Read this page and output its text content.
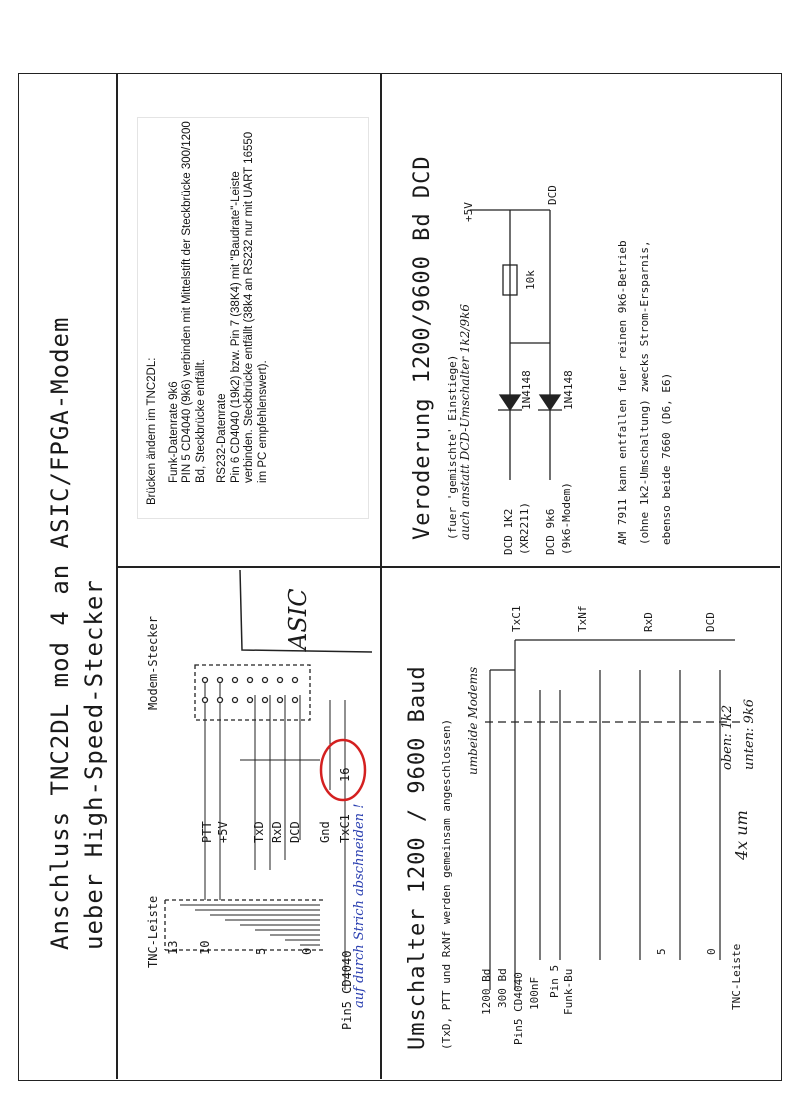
Anschluss TNC2DL mod 4 an ASIC/FPGA-Modem ueber High-Speed-Stecker	TNC-Leiste
Modem-Stecker
13 10	5	0
PTT +5V TxD RxD DCD Gnd TxC1
16
Pin5 CD4040
ASIC
auf durch Strich abschneiden !
Brücken ändern im TNC2DL: Funk-Datenrate 9k6 PIN 5 CD4040 (9k6) verbinden mit Mittelstift der Steckbrücke 300/1200 Bd, Steckbrücke entfällt. RS232-Datenrate Pin 6 CD4040 (19k2) bzw. Pin 7 (38K4) mit "Baudrate"-Leiste verbinden. Steckbrücke entfällt (38k4 an RS232 nur mit UART 16550 im PC empfehlenswert).
Umschalter 1200 / 9600 Baud (TxD, PTT und RxNf werden gemeinsam angeschlossen) umbeide Modems
1200 Bd 300 Bd Pin5 CD4040 100nF Pin 5 Funk-Bu
TxC1	TxNf	RxD	DCD
TNC-Leiste
5	0
oben: 1k2 unten: 9k6
4x um
Veroderung 1200/9600 Bd DCD (fuer 'gemischte' Einstiege) auch anstatt DCD-Umschalter 1k2/9k6	DCD 1K2 (XR2211) DCD 9k6 (9k6-Modem)
1N4148	1N4148
10k
+5V
DCD
AM 7911 kann entfallen fuer reinen 9k6-Betrieb (ohne 1k2-Umschaltung) zwecks Strom-Ersparnis, ebenso beide 7660 (D6, E6)
